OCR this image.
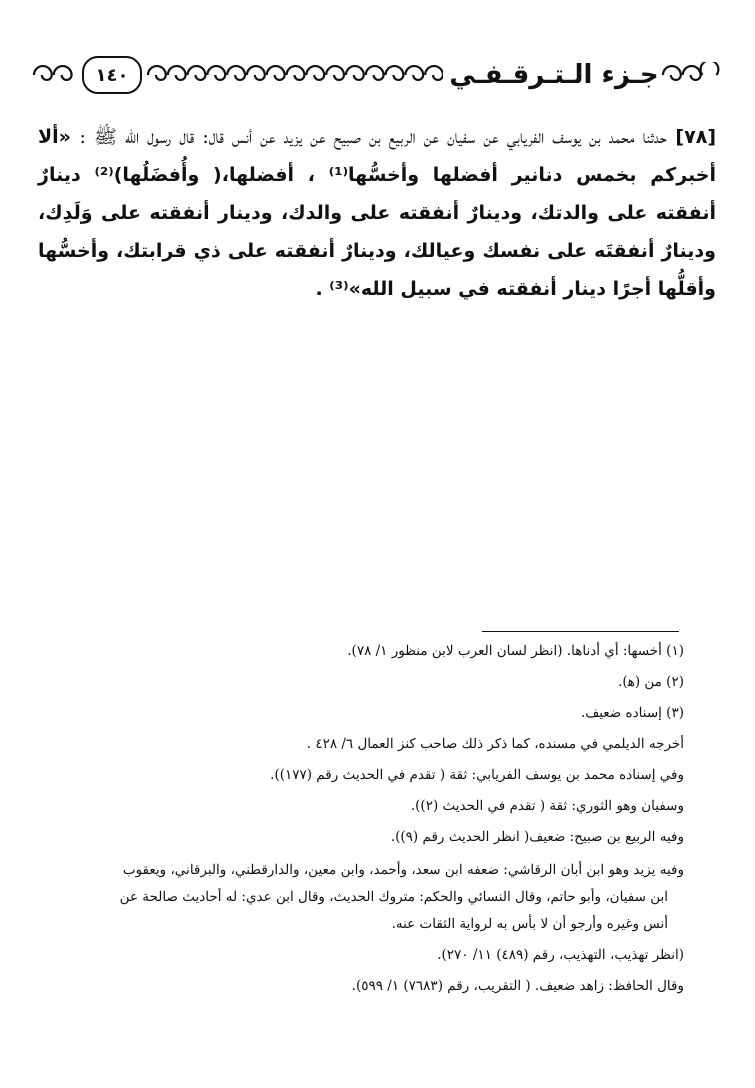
جـزء الـتـرقـفـي
١٤٠
[٧٨] حدثنا محمد بن يوسف الفريابي عن سفيان عن الربيع بن صبيح عن يزيد عن أنس قال: قال رسول الله ﷺ : «ألا أخبركم بخمس دنانير أفضلها وأخسُّها⁽¹⁾ ، أفضلها،( وأُفضَلُها)⁽²⁾ دينارٌ أنفقته على والدتك، ودينارٌ أنفقته على والدك، ودينار أنفقته على وَلَدِك، ودينارٌ أنفقتَه على نفسك وعيالك، ودينارٌ أنفقته على ذي قرابتك، وأخسُّها وأقلُّها أجرًا دينار أنفقته في سبيل الله»⁽³⁾ .

(١) أخسها: أي أدناها. (انظر لسان العرب لابن منظور ١/ ٧٨).

(٢) من (ﻫ).

(٣) إسناده ضعيف.

أخرجه الديلمي في مسنده، كما ذكر ذلك صاحب كنز العمال ٦/ ٤٢٨ .

وفي إسناده محمد بن يوسف الفريابي: ثقة ( تقدم في الحديث رقم (١٧٧)).

وسفيان وهو الثوري: ثقة ( تقدم في الحديث (٢)).

وفيه الربيع بن صبيح: ضعيف( انظر الحديث رقم (٩)).

وفيه يزيد وهو ابن أبان الرقاشي: ضعفه ابن سعد، وأحمد، وابن معين، والدارقطني، والبرقاني، ويعقوب
ابن سفيان، وأبو حاتم، وقال النسائي والحكم: متروك الحديث، وقال ابن عدي: له أحاديث صالحة عن
أنس وغيره وأرجو أن لا بأس به لرواية الثقات عنه.

(انظر تهذيب، التهذيب، رقم (٤٨٩) ١١/ ٢٧٠).

وقال الحافظ: زاهد ضعيف. ( التقريب، رقم (٧٦٨٣) ١/ ٥٩٩).
